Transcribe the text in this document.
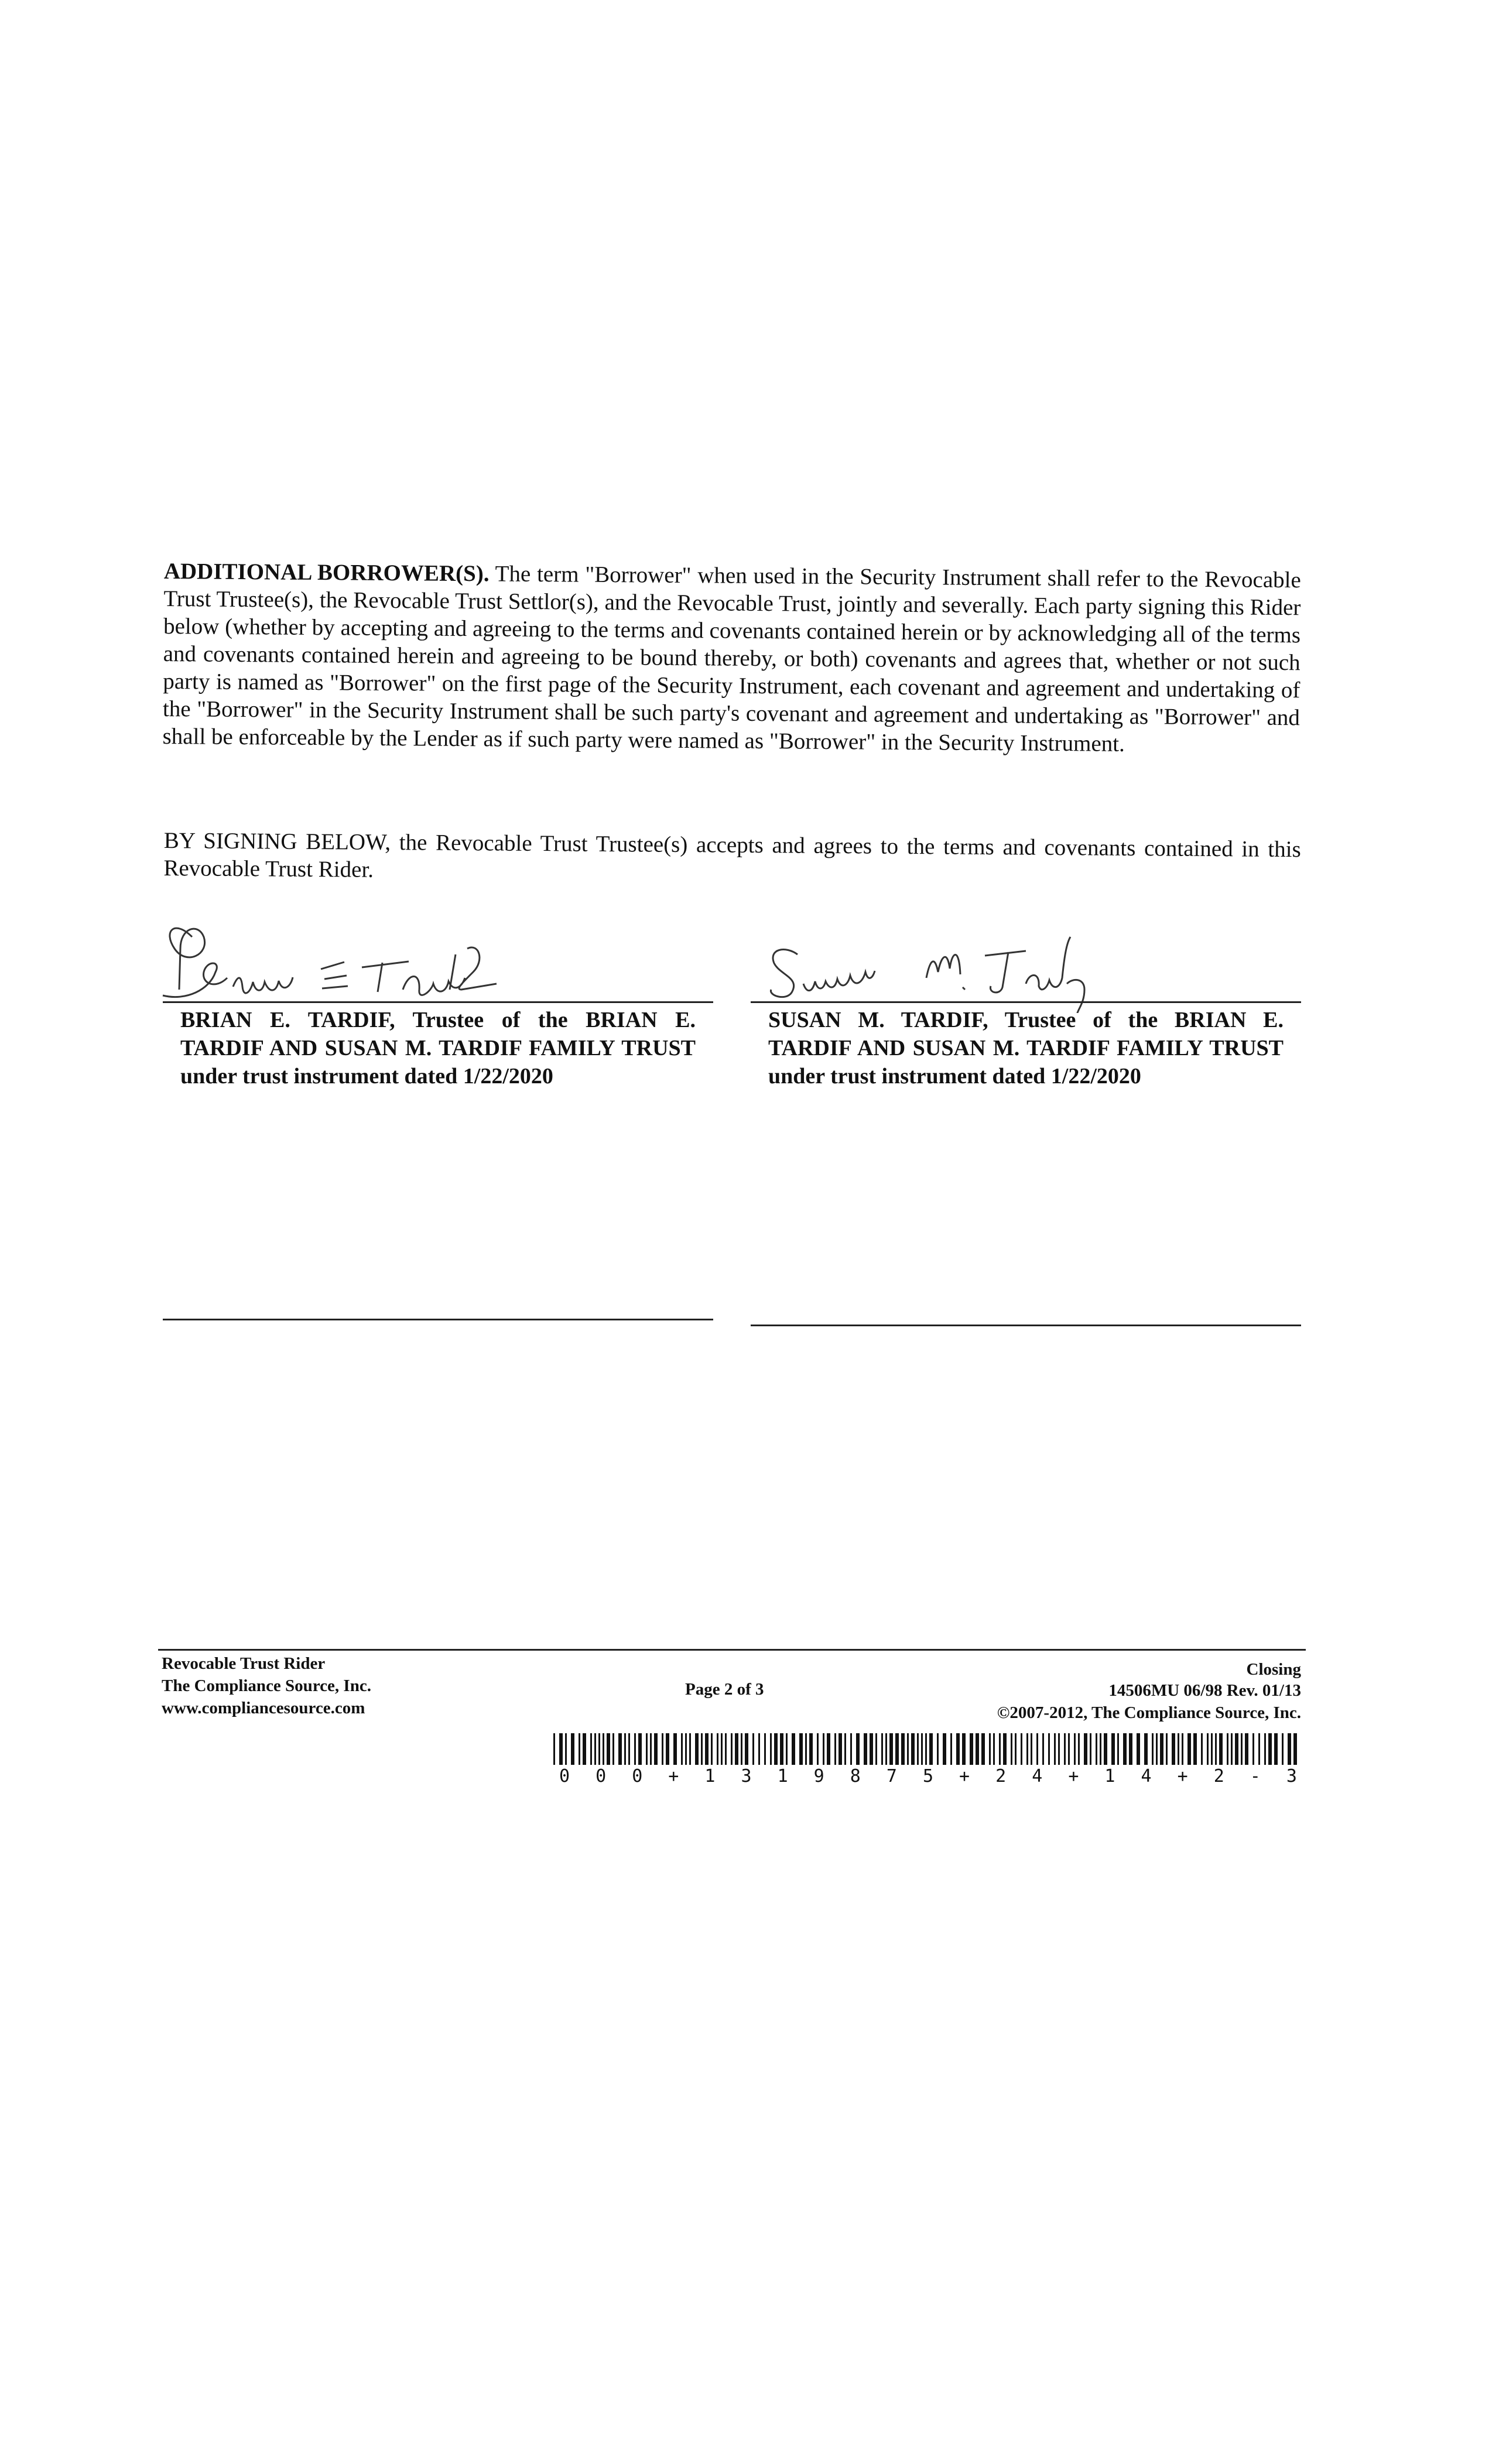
ADDITIONAL BORROWER(S). The term "Borrower" when used in the Security Instrument shall refer to the Revocable Trust Trustee(s), the Revocable Trust Settlor(s), and the Revocable Trust, jointly and severally. Each party signing this Rider below (whether by accepting and agreeing to the terms and covenants contained herein or by acknowledging all of the terms and covenants contained herein and agreeing to be bound thereby, or both) covenants and agrees that, whether or not such party is named as "Borrower" on the first page of the Security Instrument, each covenant and agreement and undertaking of the "Borrower" in the Security Instrument shall be such party's covenant and agreement and undertaking as "Borrower" and shall be enforceable by the Lender as if such party were named as "Borrower" in the Security Instrument.
BY SIGNING BELOW, the Revocable Trust Trustee(s) accepts and agrees to the terms and covenants contained in this Revocable Trust Rider.
BRIAN E. TARDIF, Trustee of the BRIAN E. TARDIF AND SUSAN M. TARDIF FAMILY TRUST under trust instrument dated 1/22/2020
SUSAN M. TARDIF, Trustee of the BRIAN E. TARDIF AND SUSAN M. TARDIF FAMILY TRUST under trust instrument dated 1/22/2020
Revocable Trust Rider
The Compliance Source, Inc.
www.compliancesource.com
Page 2 of 3
Closing
14506MU 06/98 Rev. 01/13
©2007-2012, The Compliance Source, Inc.
0 0 0 + 1 3 1 9 8 7 5 + 2 4 + 1 4 + 2 - 3
